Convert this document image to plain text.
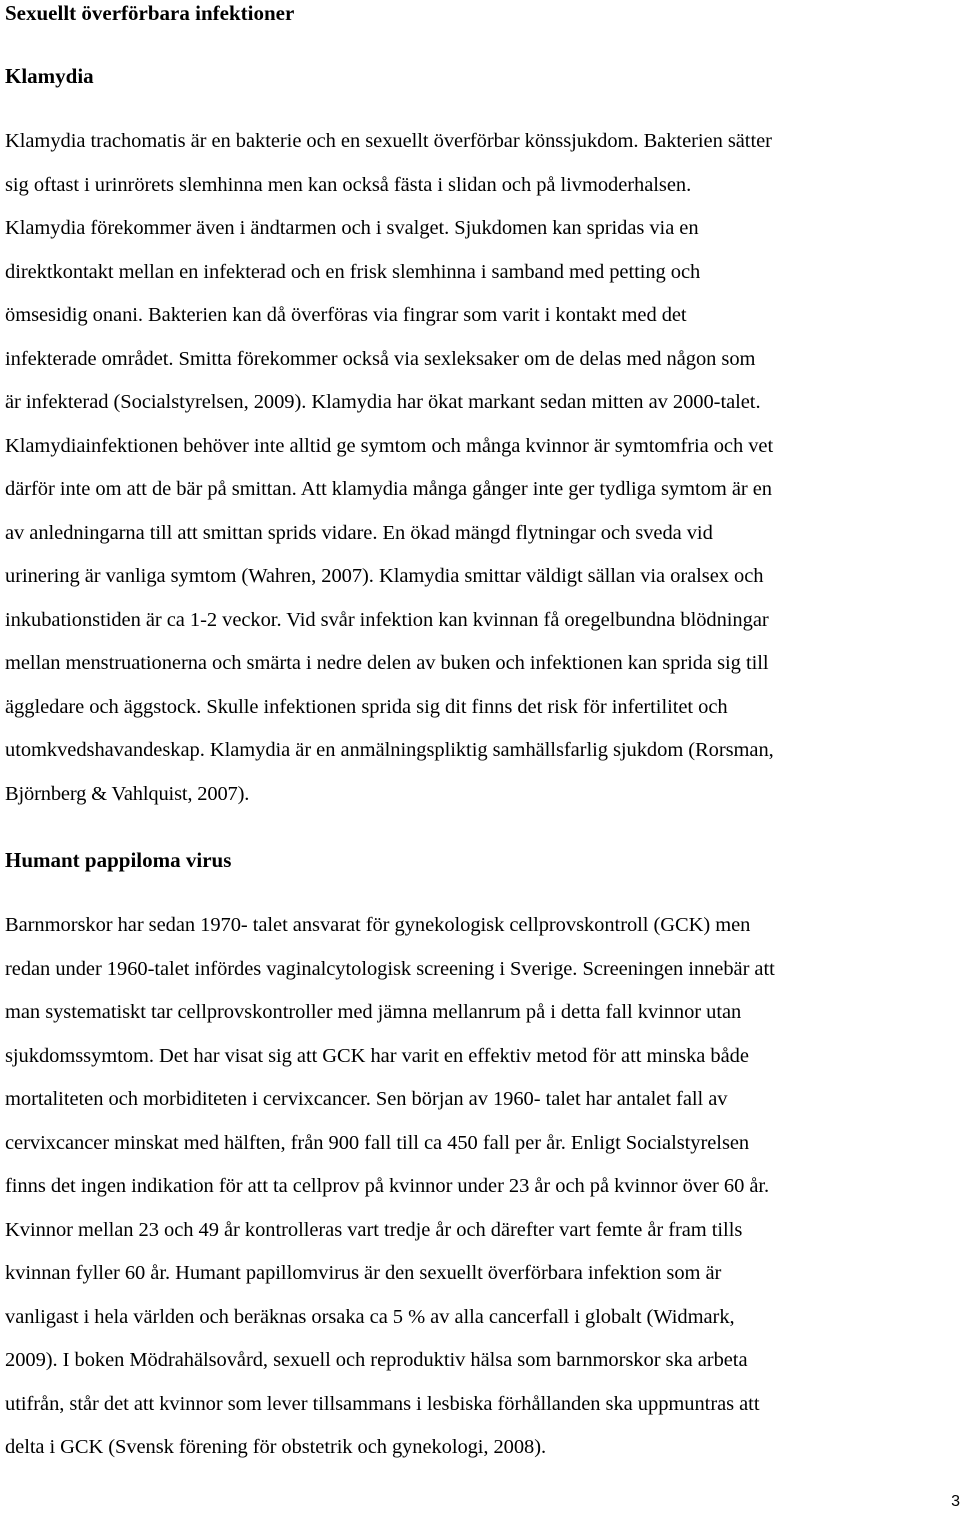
Sexuellt överförbara infektioner
Klamydia
Klamydia trachomatis är en bakterie och en sexuellt överförbar könssjukdom. Bakterien sätter
sig oftast i urinrörets slemhinna men kan också fästa i slidan och på livmoderhalsen.
Klamydia förekommer även i ändtarmen och i svalget. Sjukdomen kan spridas via en
direktkontakt mellan en infekterad och en frisk slemhinna i samband med petting och
ömsesidig onani. Bakterien kan då överföras via fingrar som varit i kontakt med det
infekterade området. Smitta förekommer också via sexleksaker om de delas med någon som
är infekterad (Socialstyrelsen, 2009). Klamydia har ökat markant sedan mitten av 2000-talet.
Klamydiainfektionen behöver inte alltid ge symtom och många kvinnor är symtomfria och vet
därför inte om att de bär på smittan. Att klamydia många gånger inte ger tydliga symtom är en
av anledningarna till att smittan sprids vidare. En ökad mängd flytningar och sveda vid
urinering är vanliga symtom (Wahren, 2007). Klamydia smittar väldigt sällan via oralsex och
inkubationstiden är ca 1-2 veckor. Vid svår infektion kan kvinnan få oregelbundna blödningar
mellan menstruationerna och smärta i nedre delen av buken och infektionen kan sprida sig till
äggledare och äggstock. Skulle infektionen sprida sig dit finns det risk för infertilitet och
utomkvedshavandeskap. Klamydia är en anmälningspliktig samhällsfarlig sjukdom (Rorsman,
Björnberg & Vahlquist, 2007).
Humant pappiloma virus
Barnmorskor har sedan 1970- talet ansvarat för gynekologisk cellprovskontroll (GCK) men
redan under 1960-talet infördes vaginalcytologisk screening i Sverige. Screeningen innebär att
man systematiskt tar cellprovskontroller med jämna mellanrum på i detta fall kvinnor utan
sjukdomssymtom. Det har visat sig att GCK har varit en effektiv metod för att minska både
mortaliteten och morbiditeten i cervixcancer. Sen början av 1960- talet har antalet fall av
cervixcancer minskat med hälften, från 900 fall till ca 450 fall per år. Enligt Socialstyrelsen
finns det ingen indikation för att ta cellprov på kvinnor under 23 år och på kvinnor över 60 år.
Kvinnor mellan 23 och 49 år kontrolleras vart tredje år och därefter vart femte år fram tills
kvinnan fyller 60 år. Humant papillomvirus är den sexuellt överförbara infektion som är
vanligast i hela världen och beräknas orsaka ca 5 % av alla cancerfall i globalt (Widmark,
2009). I boken Mödrahälsovård, sexuell och reproduktiv hälsa som barnmorskor ska arbeta
utifrån, står det att kvinnor som lever tillsammans i lesbiska förhållanden ska uppmuntras att
delta i GCK (Svensk förening för obstetrik och gynekologi, 2008).
3
